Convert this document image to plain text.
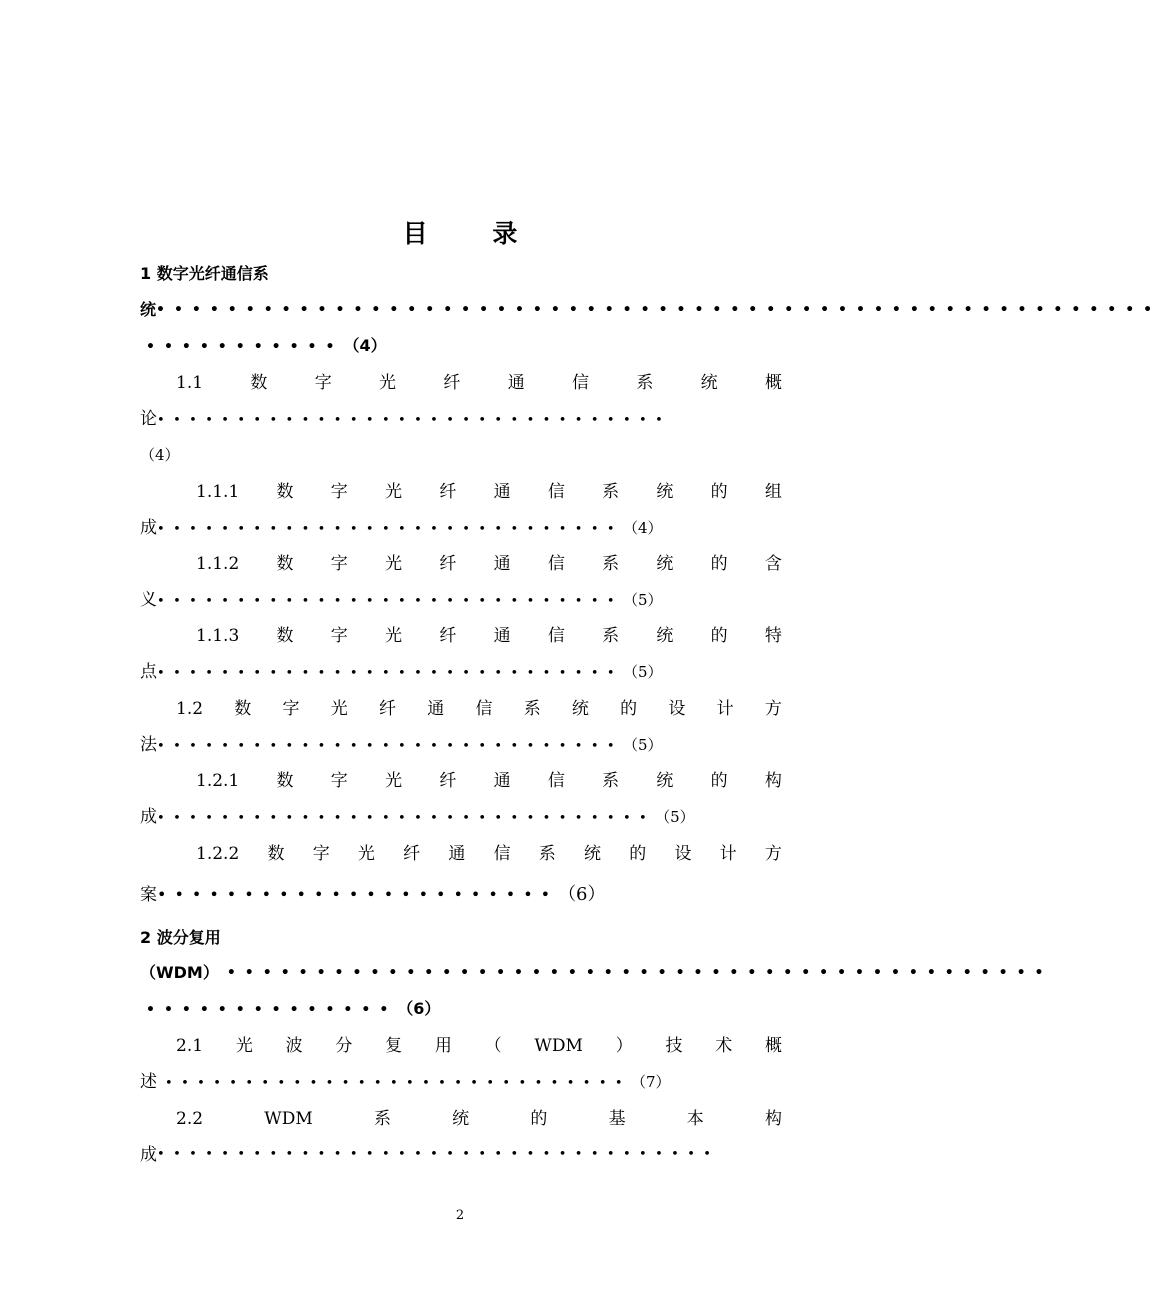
目 录
1 数字光纤通信系
统••••••••••••••••••••••••••••••••••••••••••••••••••••••••
•••••••••••（4）
1.1	数	字	光	纤	通	信	系	统	概
论••••••••••••••••••••••••••••••••
（4）
1.1.1 数 字 光 纤 通 信 系 统 的 组
成•••••••••••••••••••••••••••••（4）
1.1.2 数 字 光 纤 通 信 系 统 的 含
义•••••••••••••••••••••••••••••（5）
1.1.3 数 字 光 纤 通 信 系 统 的 特
点•••••••••••••••••••••••••••••（5）
1.2 数 字 光 纤 通 信 系 统 的 设 计 方
法•••••••••••••••••••••••••••••（5）
1.2.1 数 字 光 纤 通 信 系 统 的 构
成•••••••••••••••••••••••••••••••（5）
1.2.2 数 字 光 纤 通 信 系 统 的 设 计 方
案•••••••••••••••••••••••（6）
2 波分复用
（WDM） ••••••••••••••••••••••••••••••••••••••••••••••
••••••••••••••（6）
2.1 光 波 分 复 用 （ WDM ） 技 术 概
述 •••••••••••••••••••••••••••••（7）
2.2	WDM	系	统	的	基	本	构
成•••••••••••••••••••••••••••••••••••
2
